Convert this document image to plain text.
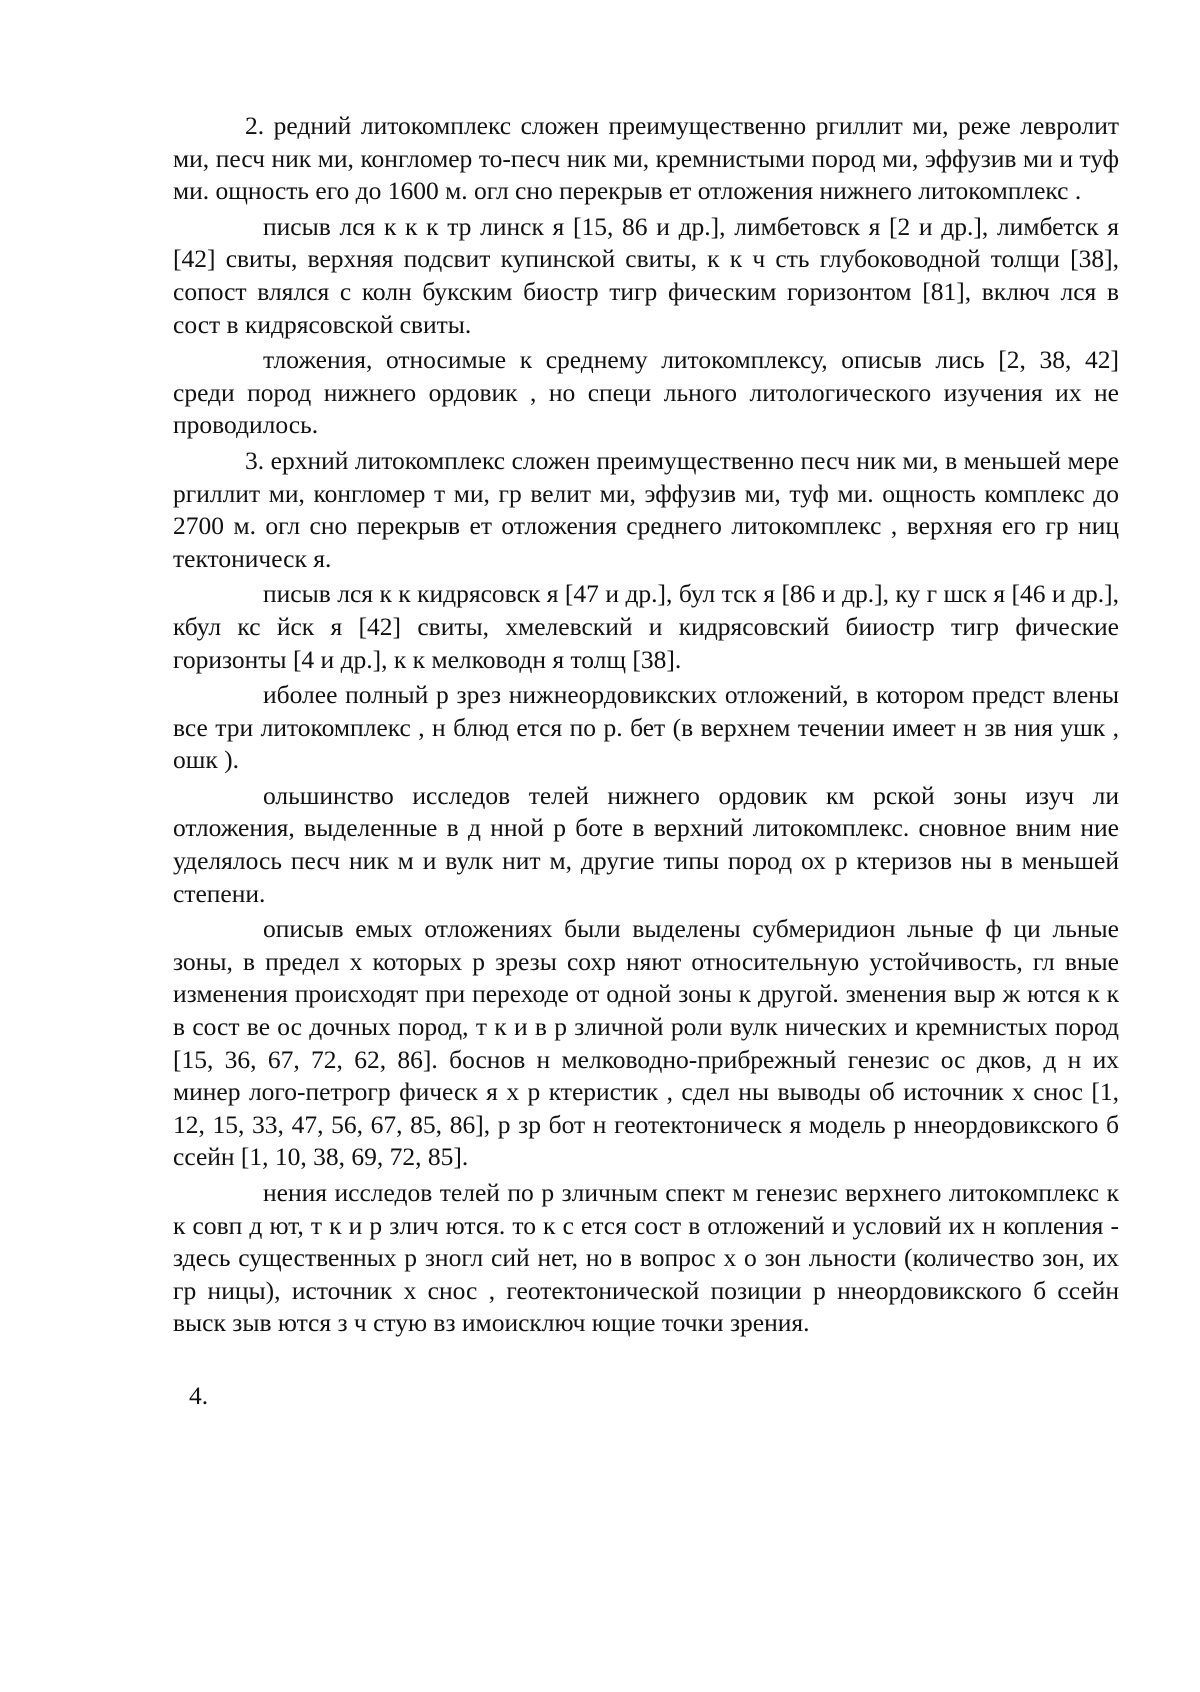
2. редний литокомплекс сложен преимущественно ргиллит ми, реже левролит ми, песч ник ми, конгломер то-песч ник ми, кремнистыми пород ми, эффузив ми и туф ми. ощность его до 1600 м. огл сно перекрыв ет отложения нижнего литокомплекс .

писыв лся к к к тр линск я [15, 86 и др.], лимбетовск я [2 и др.], лимбетск я [42] свиты, верхняя подсвит купинской свиты, к к ч сть глубоководной толщи [38], сопост влялся с колн букским биостр тигр фическим горизонтом [81], включ лся в сост в кидрясовской свиты.

тложения, относимые к среднему литокомплексу, описыв лись [2, 38, 42] среди пород нижнего ордовик , но специ льного литологического изучения их не проводилось.

3. ерхний литокомплекс сложен преимущественно песч ник ми, в меньшей мере ргиллит ми, конгломер т ми, гр велит ми, эффузив ми, туф ми. ощность комплекс до 2700 м. огл сно перекрыв ет отложения среднего литокомплекс , верхняя его гр ниц тектоническ я.

писыв лся к к кидрясовск я [47 и др.], бул тск я [86 и др.], ку г шск я [46 и др.], кбул кс йск я [42] свиты, хмелевский и кидрясовский бииостр тигр фические горизонты [4 и др.], к к мелководн я толщ [38].

иболее полный р зрез нижнеордовикских отложений, в котором предст влены все три литокомплекс , н блюд ется по р. бет (в верхнем течении имеет н зв ния ушк , ошк ).

ольшинство исследов телей нижнего ордовик км рской зоны изуч ли отложения, выделенные в д нной р боте в верхний литокомплекс. сновное вним ние уделялось песч ник м и вулк нит м, другие типы пород ох р ктеризов ны в меньшей степени.

описыв емых отложениях были выделены субмеридион льные ф ци льные зоны, в предел х которых р зрезы сохр няют относительную устойчивость, гл вные изменения происходят при переходе от одной зоны к другой. зменения выр ж ются к к в сост ве ос дочных пород, т к и в р зличной роли вулк нических и кремнистых пород [15, 36, 67, 72, 62, 86]. боснов н мелководно-прибрежный генезис ос дков, д н их минер лого-петрогр фическ я х р ктеристик , сдел ны выводы об источник х снос [1, 12, 15, 33, 47, 56, 67, 85, 86], р зр бот н геотектоническ я модель р ннеордовикского б ссейн [1, 10, 38, 69, 72, 85].

нения исследов телей по р зличным спект м генезис верхнего литокомплекс к к совп д ют, т к и р злич ются. то к с ется сост в отложений и условий их н копления - здесь существенных р зногл сий нет, но в вопрос х о зон льности (количество зон, их гр ницы), источник х снос , геотектонической позиции р ннеордовикского б ссейн выск зыв ются з ч стую вз имоисключ ющие точки зрения.

4.
